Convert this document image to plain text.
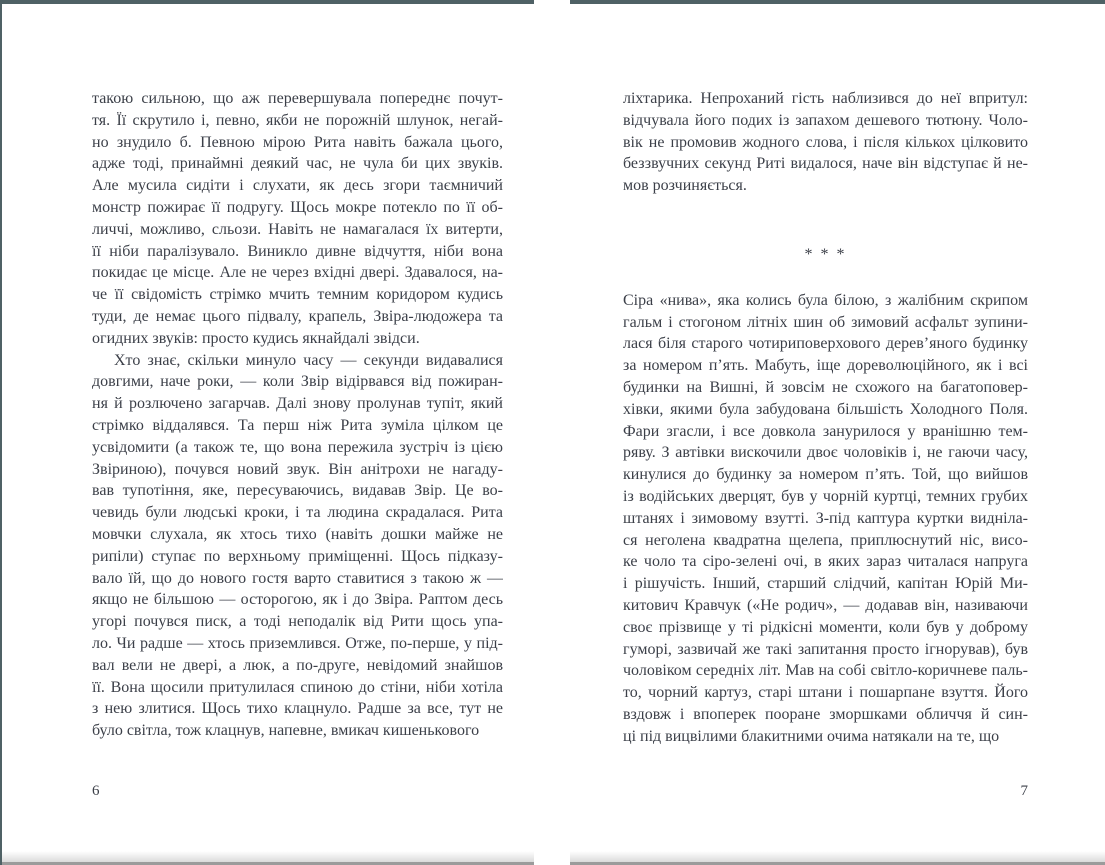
такою сильною, що аж перевершувала попереднє почут-
тя. Її скрутило і, певно, якби не порожній шлунок, негай-
но знудило б. Певною мірою Рита навіть бажала цього,
адже тоді, принаймні деякий час, не чула би цих звуків.
Але мусила сидіти і слухати, як десь згори таємничий
монстр пожирає її подругу. Щось мокре потекло по її об-
личчі, можливо, сльози. Навіть не намагалася їх витерти,
її ніби паралізувало. Виникло дивне відчуття, ніби вона
покидає це місце. Але не через вхідні двері. Здавалося, на-
че її свідомість стрімко мчить темним коридором кудись
туди, де немає цього підвалу, крапель, Звіра-людожера та
огидних звуків: просто кудись якнайдалі звідси.
Хто знає, скільки минуло часу — секунди видавалися
довгими, наче роки, — коли Звір відірвався від пожиран-
ня й розлючено загарчав. Далі знову пролунав тупіт, який
стрімко віддалявся. Та перш ніж Рита зуміла цілком це
усвідомити (а також те, що вона пережила зустріч із цією
Звіриною), почувся новий звук. Він анітрохи не нагаду-
вав тупотіння, яке, пересуваючись, видавав Звір. Це во-
чевидь були людські кроки, і та людина скрадалася. Рита
мовчки слухала, як хтось тихо (навіть дошки майже не
рипіли) ступає по верхньому приміщенні. Щось підказу-
вало їй, що до нового гостя варто ставитися з такою ж —
якщо не більшою — осторогою, як і до Звіра. Раптом десь
угорі почувся писк, а тоді неподалік від Рити щось упа-
ло. Чи радше — хтось приземлився. Отже, по-перше, у під-
вал вели не двері, а люк, а по-друге, невідомий знайшов
її. Вона щосили притулилася спиною до стіни, ніби хотіла
з нею злитися. Щось тихо клацнуло. Радше за все, тут не
було світла, тож клацнув, напевне, вмикач кишенькового
6
ліхтарика. Непроханий гість наблизився до неї впритул:
відчувала його подих із запахом дешевого тютюну. Чоло-
вік не промовив жодного слова, і після кількох цілковито
беззвучних секунд Риті видалося, наче він відступає й не-
мов розчиняється.
* * *
Сіра «нива», яка колись була білою, з жалібним скрипом
гальм і стогоном літніх шин об зимовий асфальт зупини-
лася біля старого чотириповерхового дерев’яного будинку
за номером п’ять. Мабуть, іще дореволюційного, як і всі
будинки на Вишні, й зовсім не схожого на багатоповер-
хівки, якими була забудована більшість Холодного Поля.
Фари згасли, і все довкола занурилося у вранішню тем-
ряву. З автівки вискочили двоє чоловіків і, не гаючи часу,
кинулися до будинку за номером п’ять. Той, що вийшов
із водійських дверцят, був у чорній куртці, темних грубих
штанях і зимовому взутті. З-під каптура куртки видніла-
ся неголена квадратна щелепа, приплюснутий ніс, висо-
ке чоло та сіро-зелені очі, в яких зараз читалася напруга
і рішучість. Інший, старший слідчий, капітан Юрій Ми-
китович Кравчук («Не родич», — додавав він, називаючи
своє прізвище у ті рідкісні моменти, коли був у доброму
гуморі, зазвичай же такі запитання просто ігнорував), був
чоловіком середніх літ. Мав на собі світло-коричневе паль-
то, чорний картуз, старі штани і пошарпане взуття. Його
вздовж і впоперек пооране зморшками обличчя й син-
ці під вицвілими блакитними очима натякали на те, що
7
